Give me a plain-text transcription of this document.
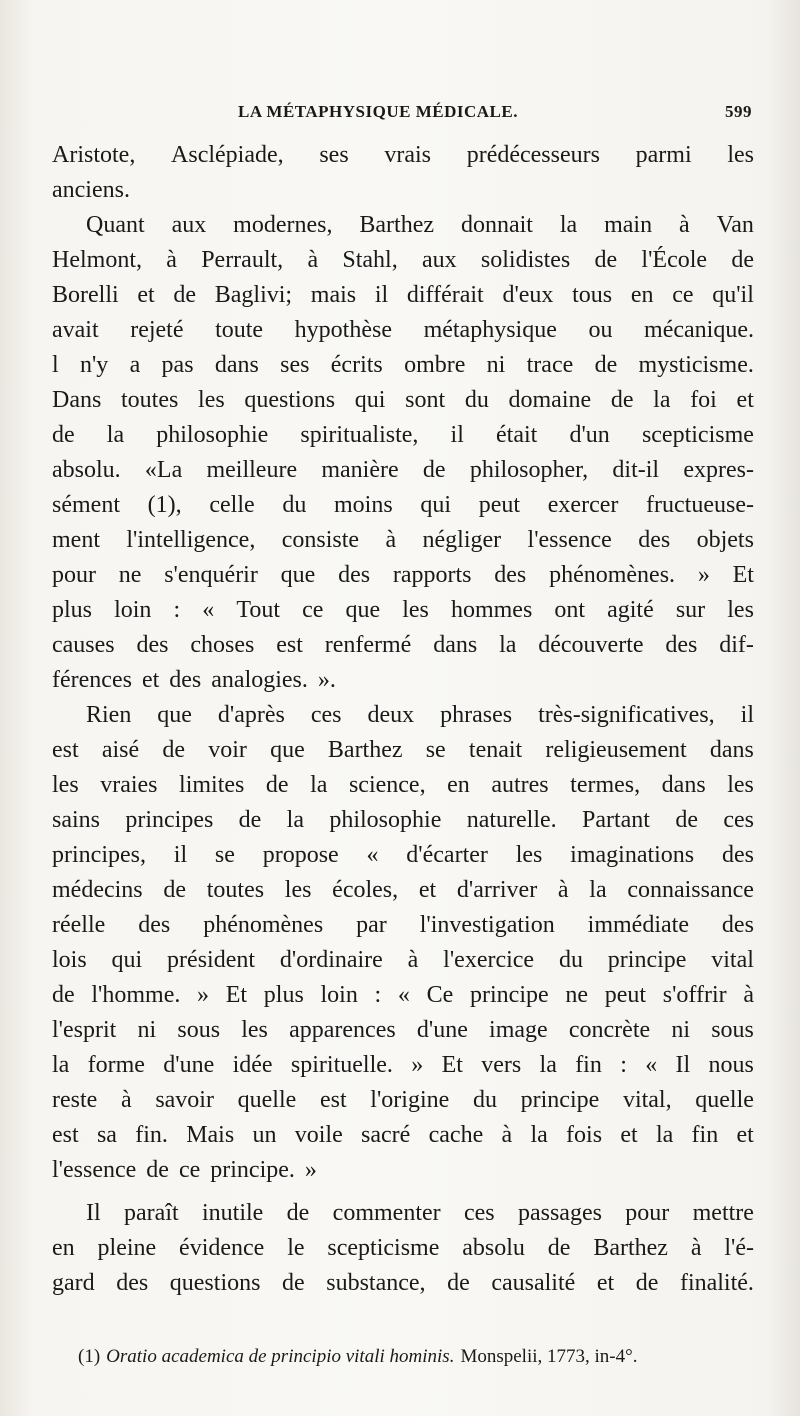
LA MÉTAPHYSIQUE MÉDICALE.	599
Aristote, Asclépiade, ses vrais prédécesseurs parmi les
anciens.
Quant aux modernes, Barthez donnait la main à Van
Helmont, à Perrault, à Stahl, aux solidistes de l'École de
Borelli et de Baglivi; mais il différait d'eux tous en ce qu'il
avait rejeté toute hypothèse métaphysique ou mécanique.
l n'y a pas dans ses écrits ombre ni trace de mysticisme.
Dans toutes les questions qui sont du domaine de la foi et
de la philosophie spiritualiste, il était d'un scepticisme
absolu. «La meilleure manière de philosopher, dit-il expres-
sément (1), celle du moins qui peut exercer fructueuse-
ment l'intelligence, consiste à négliger l'essence des objets
pour ne s'enquérir que des rapports des phénomènes. » Et
plus loin : « Tout ce que les hommes ont agité sur les
causes des choses est renfermé dans la découverte des dif-
férences et des analogies. ».
Rien que d'après ces deux phrases très-significatives, il
est aisé de voir que Barthez se tenait religieusement dans
les vraies limites de la science, en autres termes, dans les
sains principes de la philosophie naturelle. Partant de ces
principes, il se propose « d'écarter les imaginations des
médecins de toutes les écoles, et d'arriver à la connaissance
réelle des phénomènes par l'investigation immédiate des
lois qui président d'ordinaire à l'exercice du principe vital
de l'homme. » Et plus loin : « Ce principe ne peut s'offrir à
l'esprit ni sous les apparences d'une image concrète ni sous
la forme d'une idée spirituelle. » Et vers la fin : « Il nous
reste à savoir quelle est l'origine du principe vital, quelle
est sa fin. Mais un voile sacré cache à la fois et la fin et
l'essence de ce principe. »
Il paraît inutile de commenter ces passages pour mettre
en pleine évidence le scepticisme absolu de Barthez à l'é-
gard des questions de substance, de causalité et de finalité.
(1) Oratio academica de principio vitali hominis. Monspelii, 1773, in-4°.
